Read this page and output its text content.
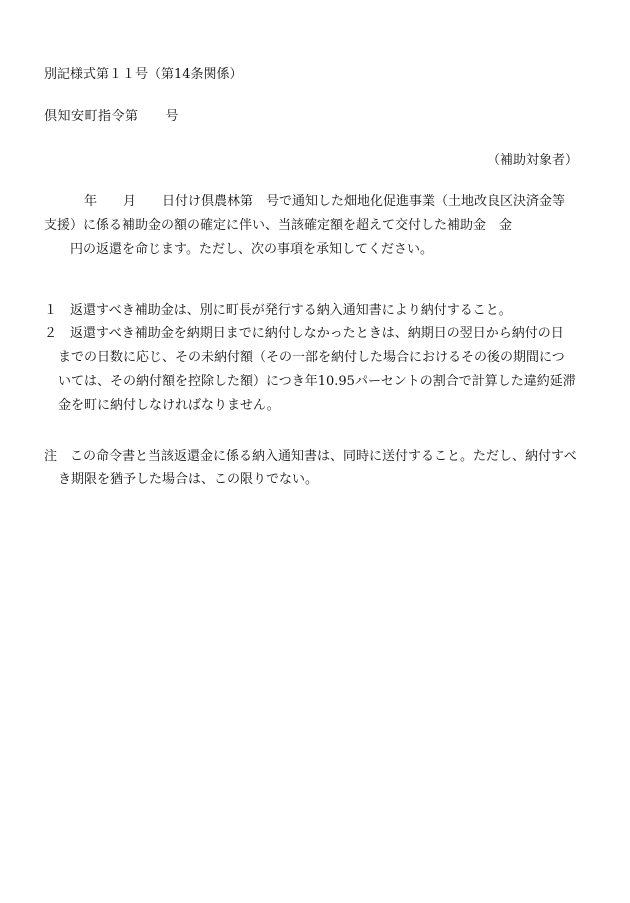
別記様式第１１号（第14条関係）
倶知安町指令第　　号
（補助対象者）
年　　月　　日付け倶農林第　号で通知した畑地化促進事業（土地改良区決済金等
支援）に係る補助金の額の確定に伴い、当該確定額を超えて交付した補助金　金
円の返還を命じます。ただし、次の事項を承知してください。
１ 返還すべき補助金は、別に町長が発行する納入通知書により納付すること。
２ 返還すべき補助金を納期日までに納付しなかったときは、納期日の翌日から納付の日
までの日数に応じ、その未納付額（その一部を納付した場合におけるその後の期間につ
いては、その納付額を控除した額）につき年10.95パーセントの割合で計算した違約延滞
金を町に納付しなければなりません。
注　この命令書と当該返還金に係る納入通知書は、同時に送付すること。ただし、納付すべ
き期限を猶予した場合は、この限りでない。
